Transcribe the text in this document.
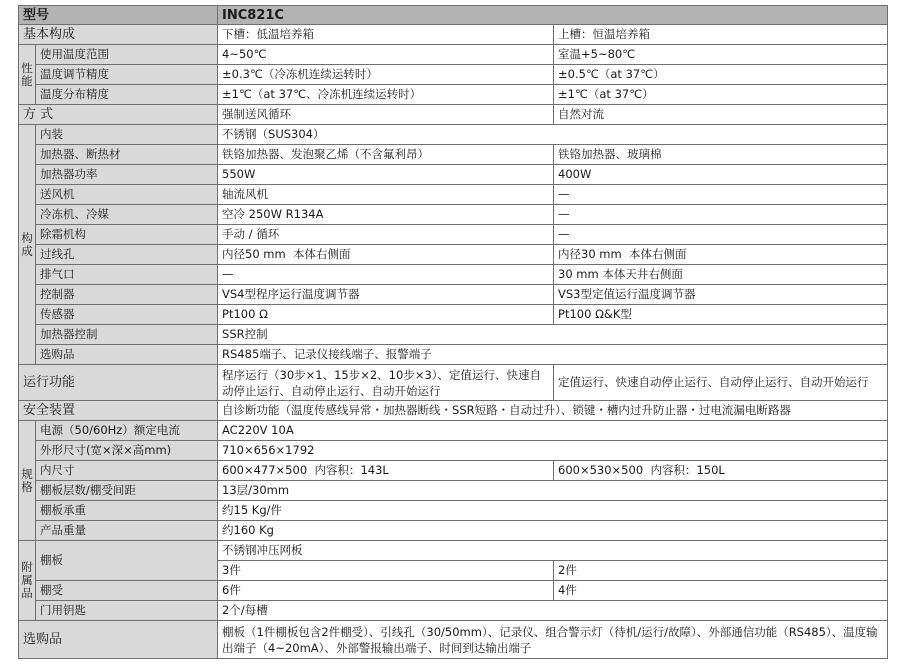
型号		INC821C	
基本构成		下槽：低温培养箱	上槽：恒温培养箱
性能	使用温度范围	4~50℃	室温+5~80℃
	温度调节精度	±0.3℃（冷冻机连续运转时）	±0.5℃（at 37℃）
	温度分布精度	±1℃（at 37℃、冷冻机连续运转时）	±1℃（at 37℃）
方 式		强制送风循环	自然对流
构成	内装	不锈钢（SUS304）	
	加热器、断热材	铁铬加热器、发泡聚乙烯（不含氟利昂）	铁铬加热器、玻璃棉
	加热器功率	550W	400W
	送风机	轴流风机	—
	冷冻机、冷媒	空冷 250W R134A	—
	除霜机构	手动 / 循环	—
	过线孔	内径50 mm  本体右侧面	内径30 mm  本体右侧面
	排气口	—	30 mm 本体天井右侧面
	控制器	VS4型程序运行温度调节器	VS3型定值运行温度调节器
	传感器	Pt100 Ω	Pt100 Ω&K型
	加热器控制	SSR控制	
	选购品	RS485端子、记录仪接线端子、报警端子	
运行功能		程序运行（30步×1、15步×2、10步×3）、定值运行、快速自动停止运行、自动停止运行、自动开始运行	定值运行、快速自动停止运行、自动停止运行、自动开始运行
安全装置		自诊断功能（温度传感线异常・加热器断线・SSR短路・自动过升）、锁键・槽内过升防止器・过电流漏电断路器	
规格	电源（50/60Hz）额定电流	AC220V 10A	
	外形尺寸(宽×深×高mm)	710×656×1792	
	内尺寸	600×477×500  内容积：143L	600×530×500  内容积：150L
	棚板层数/棚受间距	13层/30mm	
	棚板承重	约15 Kg/件	
	产品重量	约160 Kg	
附属品	棚板	不锈钢冲压网板	
		3件	2件
	棚受	6件	4件
	门用钥匙	2个/每槽	
选购品		棚板（1件棚板包含2件棚受）、引线孔（30/50mm）、记录仪、组合警示灯（待机/运行/故障）、外部通信功能（RS485）、温度输出端子（4~20mA）、外部警报输出端子、时间到达输出端子	
